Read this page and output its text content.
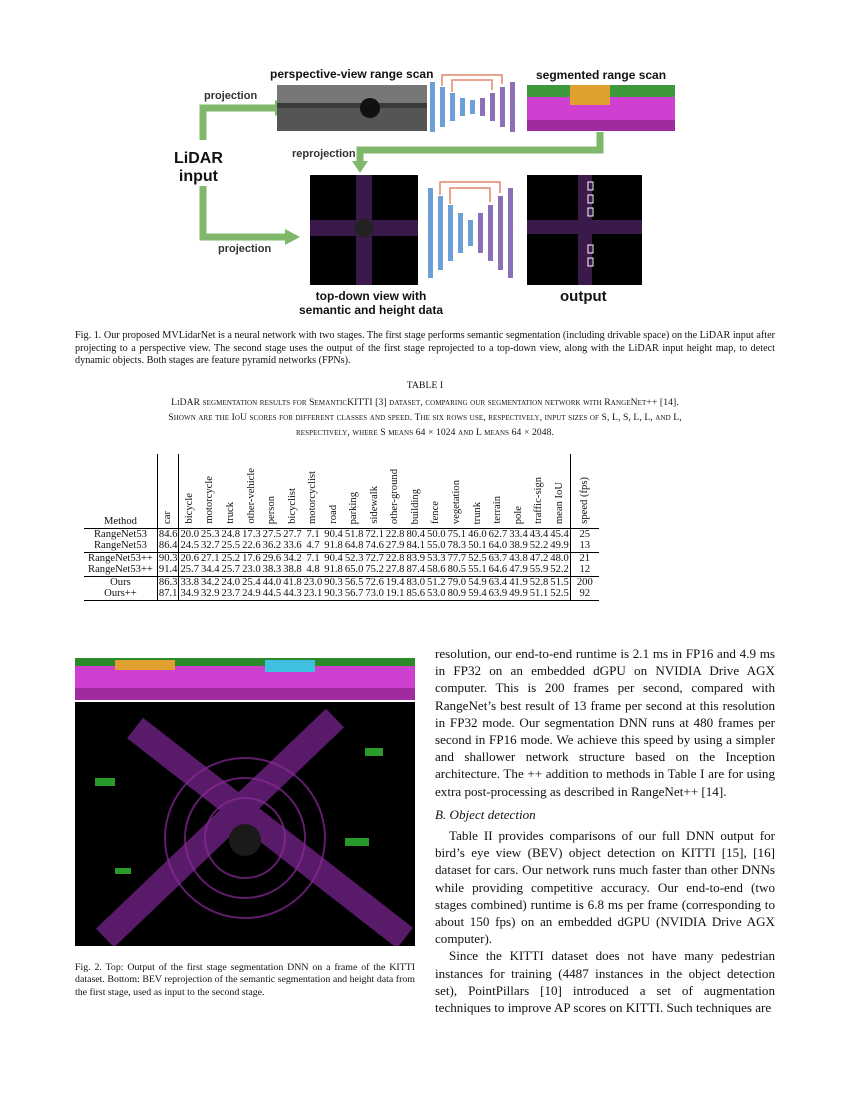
perspective-view range scan	segmented range scan
LiDAR
input
projection
reprojection
projection
top-down view with
semantic and height data
output
Fig. 1. Our proposed MVLidarNet is a neural network with two stages. The first stage performs semantic segmentation (including drivable space) on the LiDAR input after projecting to a perspective view. The second stage uses the output of the first stage reprojected to a top-down view, along with the LiDAR input height map, to detect dynamic objects. Both stages are feature pyramid networks (FPNs).
TABLE I
LiDAR segmentation results for SemanticKITTI [3] dataset, comparing our segmentation network with RangeNet++ [14].
Shown are the IoU scores for different classes and speed. The six rows use, respectively, input sizes of S, L, S, L, L, and L,
respectively, where S means 64 × 1024 and L means 64 × 2048.
Method	car	bicycle	motorcycle	truck	other-vehicle	person	bicyclist	motorcyclist	road	parking	sidewalk	other-ground	building	fence	vegetation	trunk	terrain	pole	traffic-sign	mean IoU	speed (fps)
RangeNet53	84.6	20.0	25.3	24.8	17.3	27.5	27.7	7.1	90.4	51.8	72.1	22.8	80.4	50.0	75.1	46.0	62.7	33.4	43.4	45.4	25
RangeNet53	86.4	24.5	32.7	25.5	22.6	36.2	33.6	4.7	91.8	64.8	74.6	27.9	84.1	55.0	78.3	50.1	64.0	38.9	52.2	49.9	13
RangeNet53++	90.3	20.6	27.1	25.2	17.6	29.6	34.2	7.1	90.4	52.3	72.7	22.8	83.9	53.3	77.7	52.5	63.7	43.8	47.2	48.0	21
RangeNet53++	91.4	25.7	34.4	25.7	23.0	38.3	38.8	4.8	91.8	65.0	75.2	27.8	87.4	58.6	80.5	55.1	64.6	47.9	55.9	52.2	12
Ours	86.3	33.8	34.2	24.0	25.4	44.0	41.8	23.0	90.3	56.5	72.6	19.4	83.0	51.2	79.0	54.9	63.4	41.9	52.8	51.5	200
Ours++	87.1	34.9	32.9	23.7	24.9	44.5	44.3	23.1	90.3	56.7	73.0	19.1	85.6	53.0	80.9	59.4	63.9	49.9	51.1	52.5	92
Fig. 2. Top: Output of the first stage segmentation DNN on a frame of the KITTI dataset. Bottom: BEV reprojection of the semantic segmentation and height data from the first stage, used as input to the second stage.

resolution, our end-to-end runtime is 2.1 ms in FP16 and 4.9 ms in FP32 on an embedded dGPU on NVIDIA Drive AGX computer. This is 200 frames per second, compared with RangeNet’s best result of 13 frame per second at this resolution in FP32 mode. Our segmentation DNN runs at 480 frames per second in FP16 mode. We achieve this speed by using a simpler and shallower network structure based on the Inception architecture. The ++ addition to methods in Table I are for using extra post-processing as described in RangeNet++ [14].

B. Object detection

Table II provides comparisons of our full DNN output for bird’s eye view (BEV) object detection on KITTI [15], [16] dataset for cars. Our network runs much faster than other DNNs while providing competitive accuracy. Our end-to-end (two stages combined) runtime is 6.8 ms per frame (corresponding to about 150 fps) on an embedded dGPU (NVIDIA Drive AGX computer).

Since the KITTI dataset does not have many pedestrian instances for training (4487 instances in the object detection set), PointPillars [10] introduced a set of augmentation techniques to improve AP scores on KITTI. Such techniques are
